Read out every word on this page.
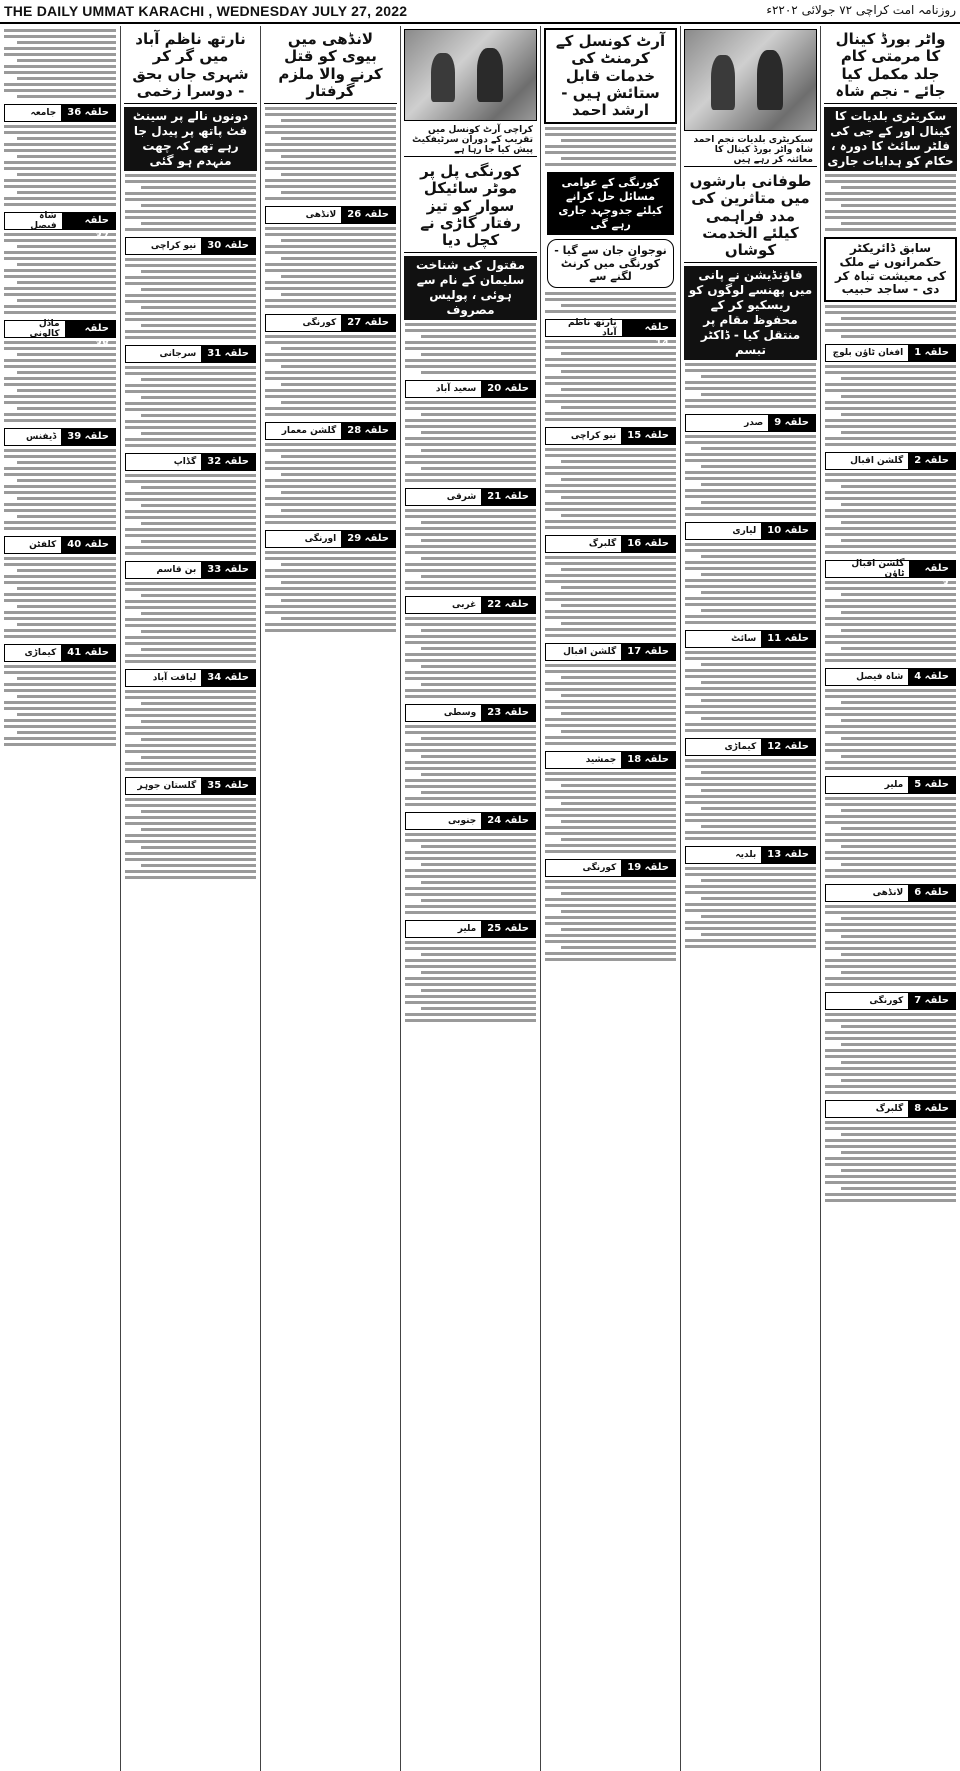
THE DAILY UMMAT KARACHI , WEDNESDAY JULY 27, 2022	روزنامہ امت کراچی ۷۲ جولائی ۲۲۰۲ء
واٹر بورڈ کینال کا مرمتی کام جلد مکمل کیا جائے - نجم شاہ
سکریٹری بلدیات کا کینال اور کے جی کی فلٹر سائٹ کا دورہ ، حکام کو ہدایات جاری
سابق ڈائریکٹر حکمرانوں نے ملک کی معیشت تباہ کر دی - ساجد حبیب
حلقہ 1
افغان ٹاؤن بلوچ
حلقہ 2
گلشن اقبال
حلقہ 3
گلشن اقبال ٹاؤن
حلقہ 4
شاہ فیصل
حلقہ 5
ملیر
حلقہ 6
لانڈھی
حلقہ 7
کورنگی
حلقہ 8
گلبرگ
سیکریٹری بلدیات نجم احمد شاہ واٹر بورڈ کینال کا معائنہ کر رہے ہیں
طوفانی بارشوں میں متاثرین کی مدد فراہمی کیلئے الخدمت کوشاں
فاؤنڈیشن نے پانی میں پھنسے لوگوں کو ریسکیو کر کے محفوظ مقام پر منتقل کیا - ڈاکٹر تبسم
حلقہ 9
صدر
حلقہ 10
لیاری
حلقہ 11
سائٹ
حلقہ 12
کیماڑی
حلقہ 13
بلدیہ
آرٹ کونسل کے کرمنٹ کی خدمات قابل ستائش ہیں - ارشد احمد
کورنگی کے عوامی مسائل حل کرانے کیلئے جدوجہد جاری رہے گی
نوجوان جان سے گیا - کورنگی میں کرنٹ لگنے سے
حلقہ 14
نارتھ ناظم آباد
حلقہ 15
نیو کراچی
حلقہ 16
گلبرگ
حلقہ 17
گلشن اقبال
حلقہ 18
جمشید
حلقہ 19
کورنگی
کراچی آرٹ کونسل میں تقریب کے دوران سرٹیفکیٹ پیش کیا جا رہا ہے
کورنگی پل پر موٹر سائیکل سوار کو تیز رفتار گاڑی نے کچل دیا
مقتول کی شناخت سلیمان کے نام سے ہوئی ، پولیس مصروف
حلقہ 20
سعید آباد
حلقہ 21
شرقی
حلقہ 22
غربی
حلقہ 23
وسطی
حلقہ 24
جنوبی
حلقہ 25
ملیر
لانڈھی میں بیوی کو قتل کرنے والا ملزم گرفتار
حلقہ 26
لانڈھی
حلقہ 27
کورنگی
حلقہ 28
گلشن معمار
حلقہ 29
اورنگی
نارتھ ناظم آباد میں گر کر شہری جاں بحق - دوسرا زخمی
دونوں نالے پر سینٹ فٹ پاتھ پر پیدل جا رہے تھے کہ چھت منہدم ہو گئی
حلقہ 30
نیو کراچی
حلقہ 31
سرجانی
حلقہ 32
گڈاپ
حلقہ 33
بن قاسم
حلقہ 34
لیاقت آباد
حلقہ 35
گلستان جوہر
حلقہ 36
جامعہ
حلقہ 37
شاہ فیصل
حلقہ 38
ماڈل کالونی
حلقہ 39
ڈیفنس
حلقہ 40
کلفٹن
حلقہ 41
کیماڑی
